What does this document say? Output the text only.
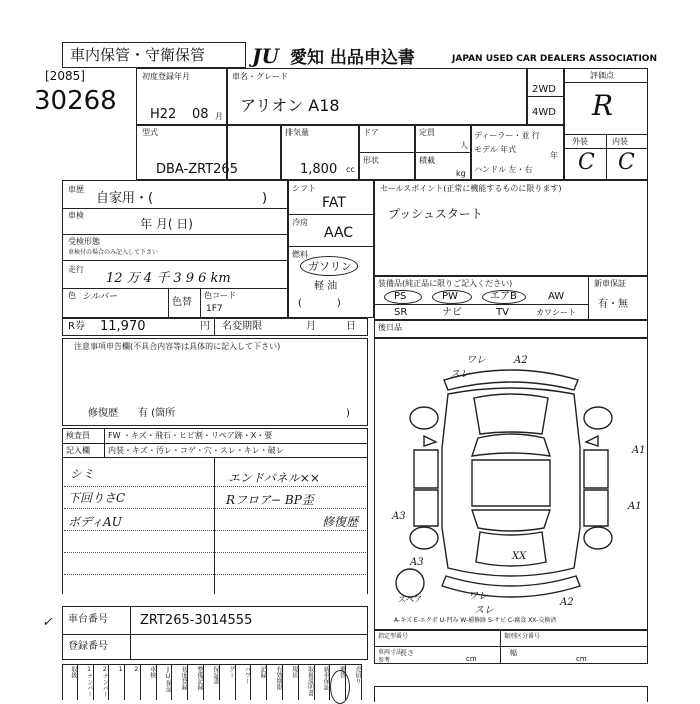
車内保管・守衛保管 JU 愛知 出品申込書	JAPAN USED CAR DEALERS ASSOCIATION
[2085]
30268
初度登録年月
H22 08 月
車名・グレード
アリオン A18
2WD
4WD
型式
DBA-ZRT265
排気量
1,800 cc
ドア	定員
人
形状	積載
kg
ディーラー・並 行
モデル 年式
年
ハンドル 左・右
評価点
R
外装	内装
C C
車歴
自家用・(	)
車検
年 月( 日)
受検形態
車検付の場合のみ記入して下さい
走行
12 万 4 千 3 9 6 km
色 シルバー	色替
色コード
1F7
R券 11,970	円 名変期限	月	日
シフト
FAT
冷房
AAC
燃料
ガソリン
軽 油
(           )
セールスポイント(正常に機能するものに限ります)
プッシュスタート
装備品(純正品に限りご記入ください)	新車保証
有・無
PS	PW	エアB	AW
SR	ナビ	TV	カワシート
後日品
注意事項申告欄(不具合内容等は具体的に記入して下さい)
修復歴 有 (箇所	)
検査員
記入欄
FW ・キズ・飛石・ヒビ割・リペア跡・X・要
内装・キズ・汚レ・コゲ・穴・スレ・キレ・破レ
シミ	エンドパネル××
下回りさC	Rフロア− BP歪
ボディAU	修復歴
スレ
ワレ	A2
A1
A1
XX
A3
A3
スペア	ワレ
スレ
A2
A-キズ E-エクボ U-凹み W-補修跡 S-サビ C-腐食 XX-交換済
車台番号 ZRT265-3014555
登録番号
✓
指定型番号	類別区分番号
車両寸法
参考
長さ
cm
幅
cm
取扱	1ナンバー	2ナンバー	1	2	車検	JU保証	初度登録	整備記録	保証書	グー	パワー	記録	有効期限	現状	取扱説明書	新車保証	乗替	売切り
